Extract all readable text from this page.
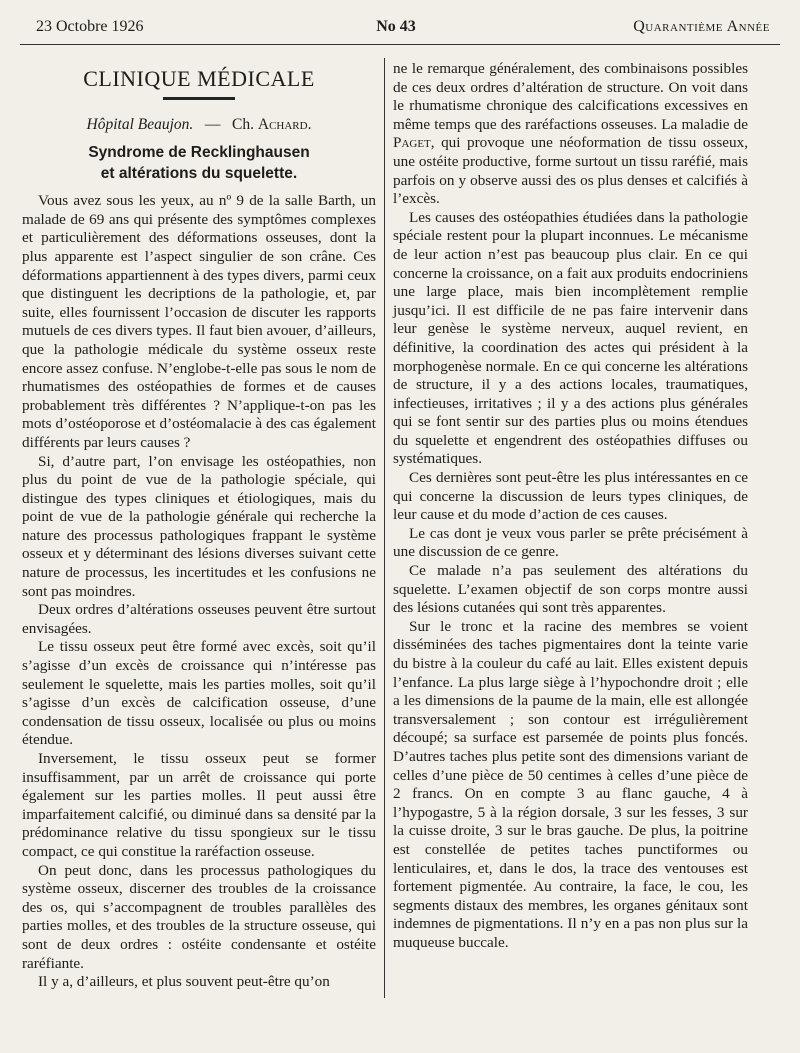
23 Octobre 1926	No 43	Quarantième Année
CLINIQUE MÉDICALE
Hôpital Beaujon. — Ch. Achard.
Syndrome de Recklinghausen
et altérations du squelette.

Vous avez sous les yeux, au nº 9 de la salle Barth, un malade de 69 ans qui présente des symptômes complexes et particulièrement des déformations osseuses, dont la plus apparente est l’aspect singulier de son crâne. Ces déformations appartiennent à des types divers, parmi ceux que distinguent les decriptions de la pathologie, et, par suite, elles fournissent l’occasion de discuter les rapports mutuels de ces divers types. Il faut bien avouer, d’ailleurs, que la pathologie médicale du système osseux reste encore assez confuse. N’englobe-t-elle pas sous le nom de rhumatismes des ostéopathies de formes et de causes probablement très différentes ? N’applique-t-on pas les mots d’ostéoporose et d’ostéomalacie à des cas également différents par leurs causes ?

Si, d’autre part, l’on envisage les ostéopathies, non plus du point de vue de la pathologie spéciale, qui distingue des types cliniques et étiologiques, mais du point de vue de la pathologie générale qui recherche la nature des processus pathologiques frappant le système osseux et y déterminant des lésions diverses suivant cette nature de processus, les incertitudes et les confusions ne sont pas moindres.

Deux ordres d’altérations osseuses peuvent être surtout envisagées.

Le tissu osseux peut être formé avec excès, soit qu’il s’agisse d’un excès de croissance qui n’intéresse pas seulement le squelette, mais les parties molles, soit qu’il s’agisse d’un excès de calcification osseuse, d’une condensation de tissu osseux, localisée ou plus ou moins étendue.

Inversement, le tissu osseux peut se former insuffisamment, par un arrêt de croissance qui porte également sur les parties molles. Il peut aussi être imparfaitement calcifié, ou diminué dans sa densité par la prédominance relative du tissu spongieux sur le tissu compact, ce qui constitue la raréfaction osseuse.

On peut donc, dans les processus pathologiques du système osseux, discerner des troubles de la croissance des os, qui s’accompagnent de troubles parallèles des parties molles, et des troubles de la structure osseuse, qui sont de deux ordres : ostéite condensante et ostéite raréfiante.

Il y a, d’ailleurs, et plus souvent peut-être qu’on

ne le remarque généralement, des combinaisons possibles de ces deux ordres d’altération de structure. On voit dans le rhumatisme chronique des calcifications excessives en même temps que des raréfactions osseuses. La maladie de Paget, qui provoque une néoformation de tissu osseux, une ostéite productive, forme surtout un tissu raréfié, mais parfois on y observe aussi des os plus denses et calcifiés à l’excès.

Les causes des ostéopathies étudiées dans la pathologie spéciale restent pour la plupart inconnues. Le mécanisme de leur action n’est pas beaucoup plus clair. En ce qui concerne la croissance, on a fait aux produits endocriniens une large place, mais bien incomplètement remplie jusqu’ici. Il est difficile de ne pas faire intervenir dans leur genèse le système nerveux, auquel revient, en définitive, la coordination des actes qui président à la morphogenèse normale. En ce qui concerne les altérations de structure, il y a des actions locales, traumatiques, infectieuses, irritatives ; il y a des actions plus générales qui se font sentir sur des parties plus ou moins étendues du squelette et engendrent des ostéopathies diffuses ou systématiques.

Ces dernières sont peut-être les plus intéressantes en ce qui concerne la discussion de leurs types cliniques, de leur cause et du mode d’action de ces causes.

Le cas dont je veux vous parler se prête précisément à une discussion de ce genre.

Ce malade n’a pas seulement des altérations du squelette. L’examen objectif de son corps montre aussi des lésions cutanées qui sont très apparentes.

Sur le tronc et la racine des membres se voient disséminées des taches pigmentaires dont la teinte varie du bistre à la couleur du café au lait. Elles existent depuis l’enfance. La plus large siège à l’hypochondre droit ; elle a les dimensions de la paume de la main, elle est allongée transversalement ; son contour est irrégulièrement découpé; sa surface est parsemée de points plus foncés. D’autres taches plus petite sont des dimensions variant de celles d’une pièce de 50 centimes à celles d’une pièce de 2 francs. On en compte 3 au flanc gauche, 4 à l’hypogastre, 5 à la région dorsale, 3 sur les fesses, 3 sur la cuisse droite, 3 sur le bras gauche. De plus, la poitrine est constellée de petites taches punctiformes ou lenticulaires, et, dans le dos, la trace des ventouses est fortement pigmentée. Au contraire, la face, le cou, les segments distaux des membres, les organes génitaux sont indemnes de pigmentations. Il n’y en a pas non plus sur la muqueuse buccale.
